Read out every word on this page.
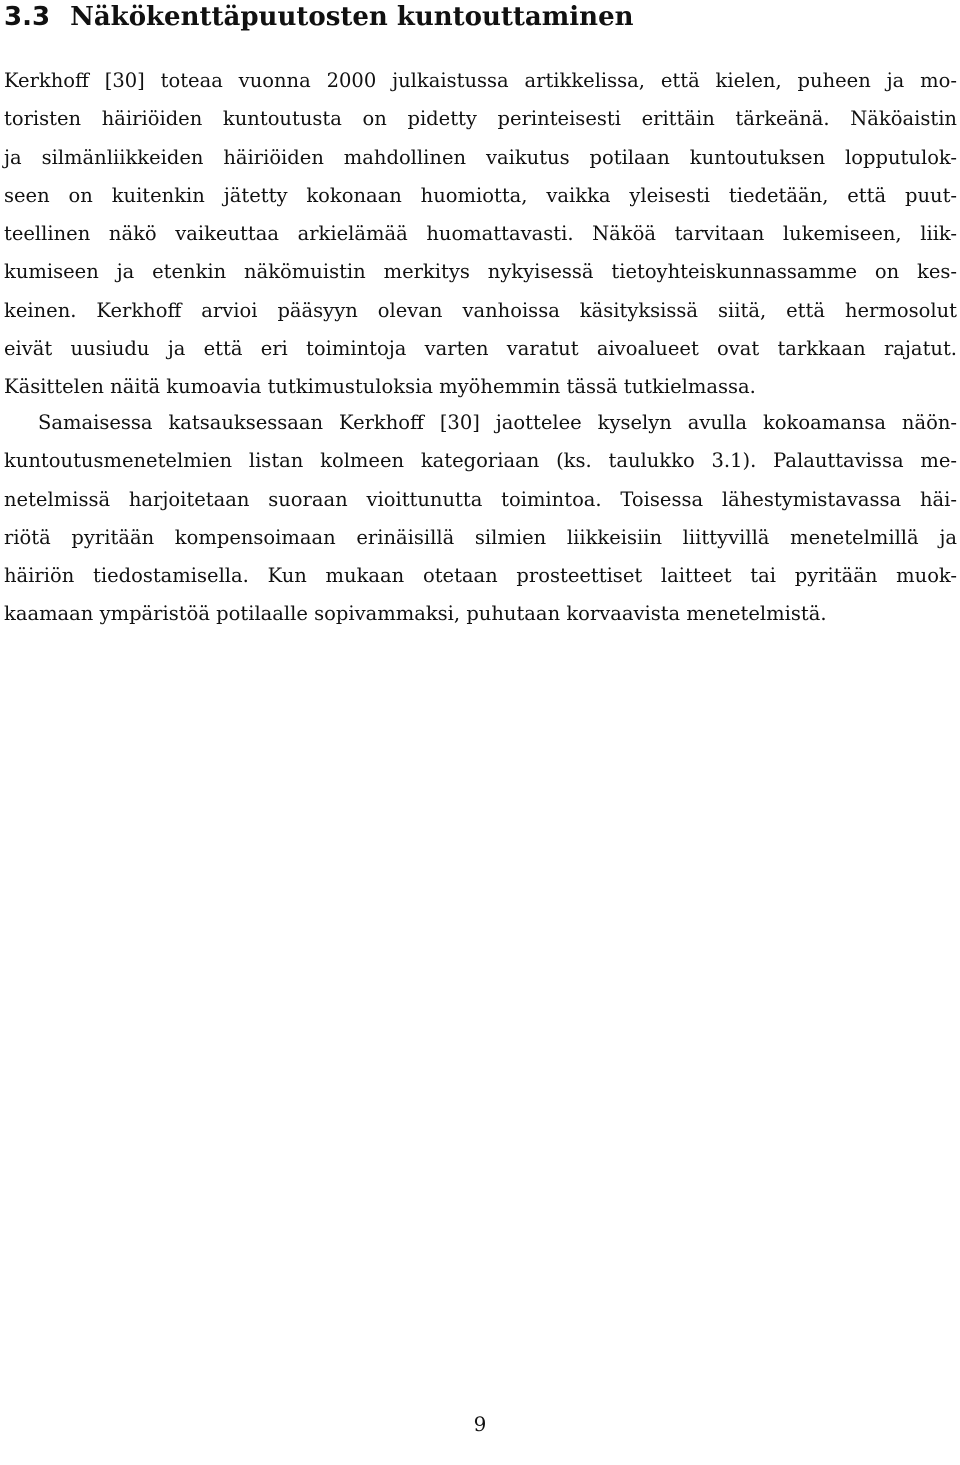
3.3 Näkökenttäpuutosten kuntouttaminen

Kerkhoff [30] toteaa vuonna 2000 julkaistussa artikkelissa, että kielen, puheen ja mo-
toristen häiriöiden kuntoutusta on pidetty perinteisesti erittäin tärkeänä. Näköaistin
ja silmänliikkeiden häiriöiden mahdollinen vaikutus potilaan kuntoutuksen lopputulok-
seen on kuitenkin jätetty kokonaan huomiotta, vaikka yleisesti tiedetään, että puut-
teellinen näkö vaikeuttaa arkielämää huomattavasti. Näköä tarvitaan lukemiseen, liik-
kumiseen ja etenkin näkömuistin merkitys nykyisessä tietoyhteiskunnassamme on kes-
keinen. Kerkhoff arvioi pääsyyn olevan vanhoissa käsityksissä siitä, että hermosolut
eivät uusiudu ja että eri toimintoja varten varatut aivoalueet ovat tarkkaan rajatut.
Käsittelen näitä kumoavia tutkimustuloksia myöhemmin tässä tutkielmassa.

Samaisessa katsauksessaan Kerkhoff [30] jaottelee kyselyn avulla kokoamansa näön-
kuntoutusmenetelmien listan kolmeen kategoriaan (ks. taulukko 3.1). Palauttavissa me-
netelmissä harjoitetaan suoraan vioittunutta toimintoa. Toisessa lähestymistavassa häi-
riötä pyritään kompensoimaan erinäisillä silmien liikkeisiin liittyvillä menetelmillä ja
häiriön tiedostamisella. Kun mukaan otetaan prosteettiset laitteet tai pyritään muok-
kaamaan ympäristöä potilaalle sopivammaksi, puhutaan korvaavista menetelmistä.

9
